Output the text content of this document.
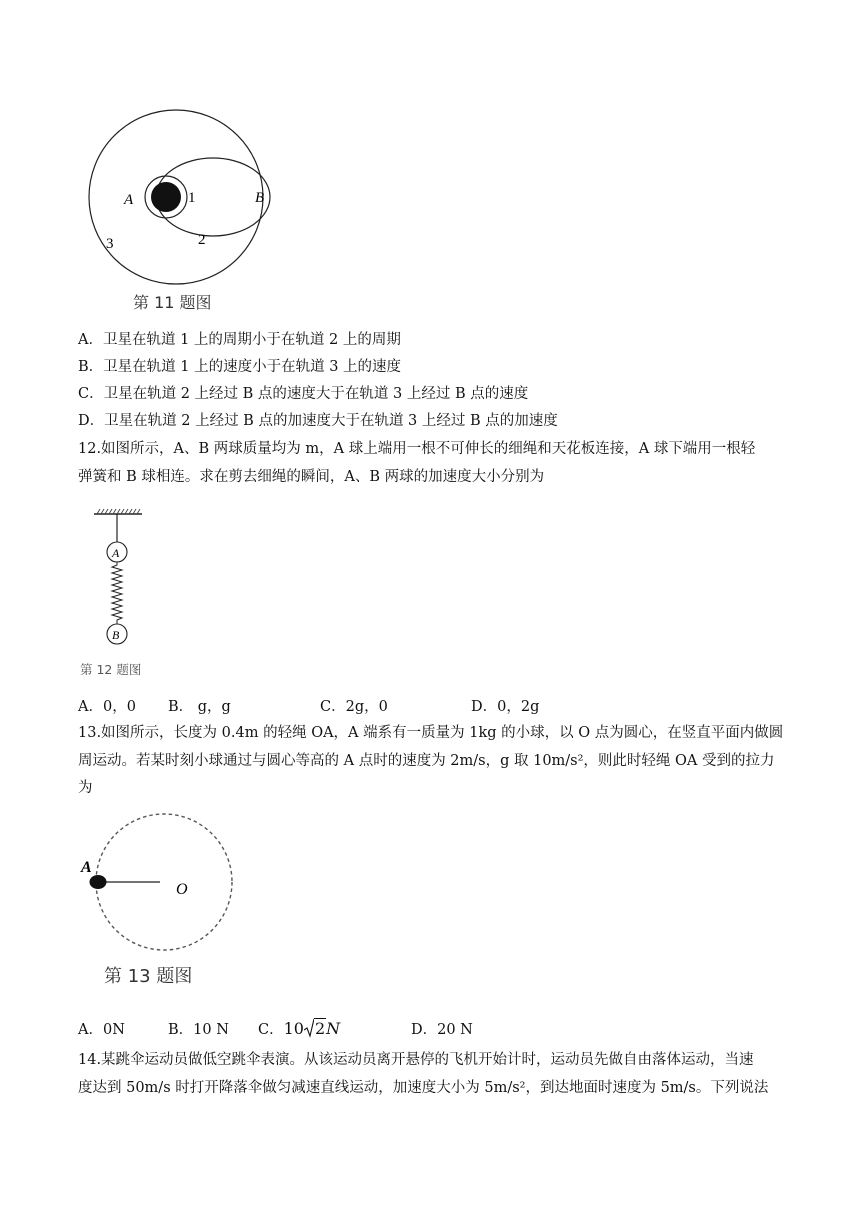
A	1	B
2
3
第 11 题图
A．卫星在轨道 1 上的周期小于在轨道 2 上的周期
B．卫星在轨道 1 上的速度小于在轨道 3 上的速度
C．卫星在轨道 2 上经过 B 点的速度大于在轨道 3 上经过 B 点的速度
D．卫星在轨道 2 上经过 B 点的加速度大于在轨道 3 上经过 B 点的加速度
12.如图所示，A、B 两球质量均为 m，A 球上端用一根不可伸长的细绳和天花板连接，A 球下端用一根轻
弹簧和 B 球相连。求在剪去细绳的瞬间，A、B 两球的加速度大小分别为
A
B
第 12 题图
A．0，0 B． g，g	C．2g，0	D．0，2g
13.如图所示，长度为 0.4m 的轻绳 OA，A 端系有一质量为 1kg 的小球，以 O 点为圆心，在竖直平面内做圆
周运动。若某时刻小球通过与圆心等高的 A 点时的速度为 2m/s，g 取 10m/s²，则此时轻绳 OA 受到的拉力
为
A
O
第 13 题图
A．0N	B．10 N C．10 2N	D．20 N
14.某跳伞运动员做低空跳伞表演。从该运动员离开悬停的飞机开始计时，运动员先做自由落体运动，当速
度达到 50m/s 时打开降落伞做匀减速直线运动，加速度大小为 5m/s²，到达地面时速度为 5m/s。下列说法
